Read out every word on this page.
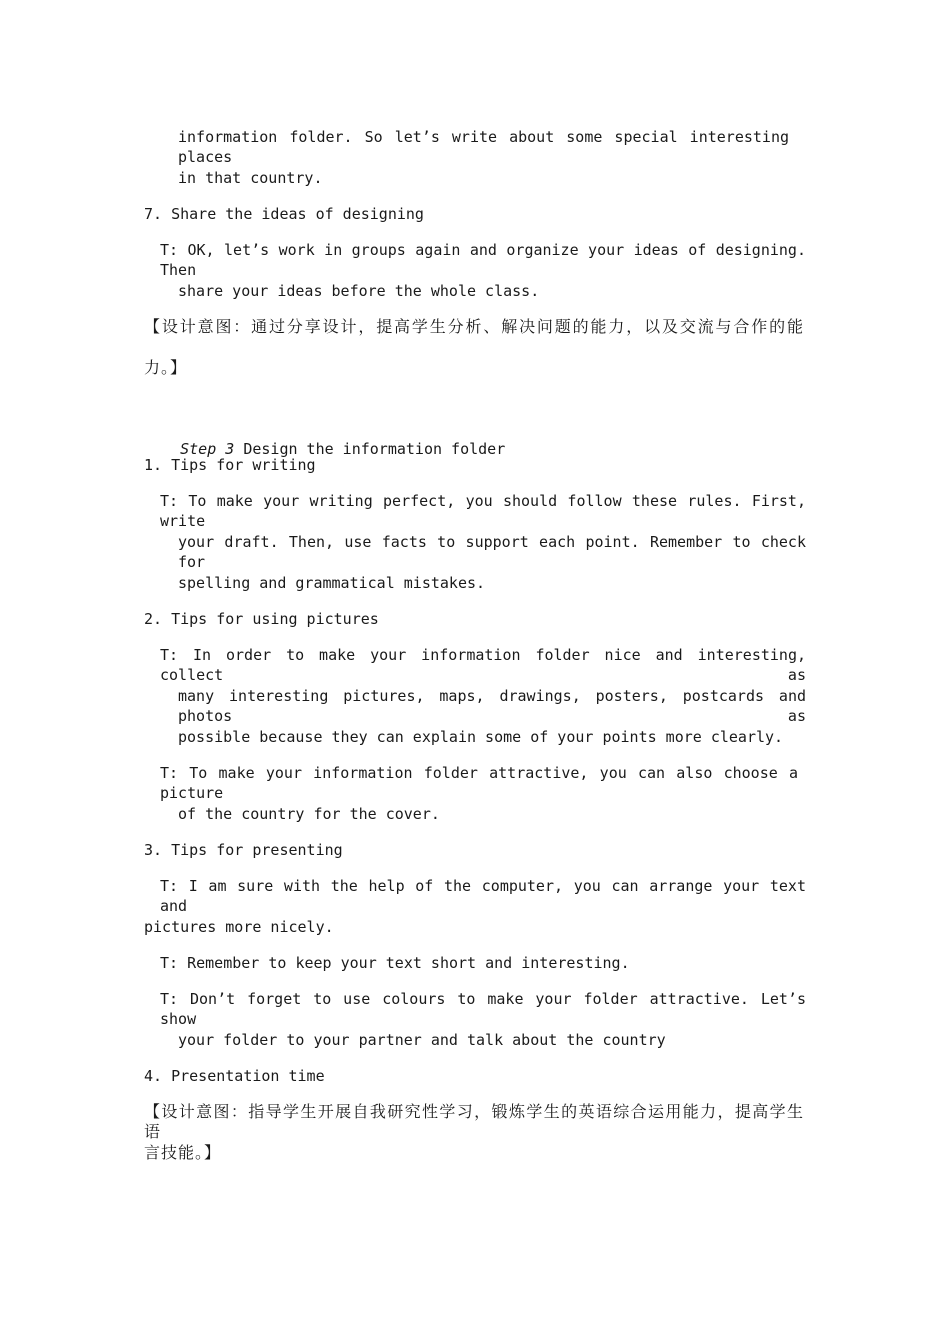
information folder. So let’s write about some special interesting places
in that country.
7. Share the ideas of designing
T: OK, let’s work in groups again and organize your ideas of designing. Then
share your ideas before the whole class.
【设计意图：通过分享设计，提高学生分析、解决问题的能力，以及交流与合作的能
力。】

Step 3 Design the information folder

1. Tips for writing
T: To make your writing perfect, you should follow these rules. First, write
your draft. Then, use facts to support each point. Remember to check for
spelling and grammatical mistakes.
2. Tips for using pictures
T: In order to make your information folder nice and interesting, collect as
many interesting pictures, maps, drawings, posters, postcards and photos as
possible because they can explain some of your points more clearly.
T: To make your information folder attractive, you can also choose a picture
of the country for the cover.
3. Tips for presenting
T: I am sure with the help of the computer, you can arrange your text and
pictures more nicely.
T: Remember to keep your text short and interesting.
T: Don’t forget to use colours to make your folder attractive. Let’s show
your folder to your partner and talk about the country
4. Presentation time
【设计意图：指导学生开展自我研究性学习，锻炼学生的英语综合运用能力，提高学生语
言技能。】
